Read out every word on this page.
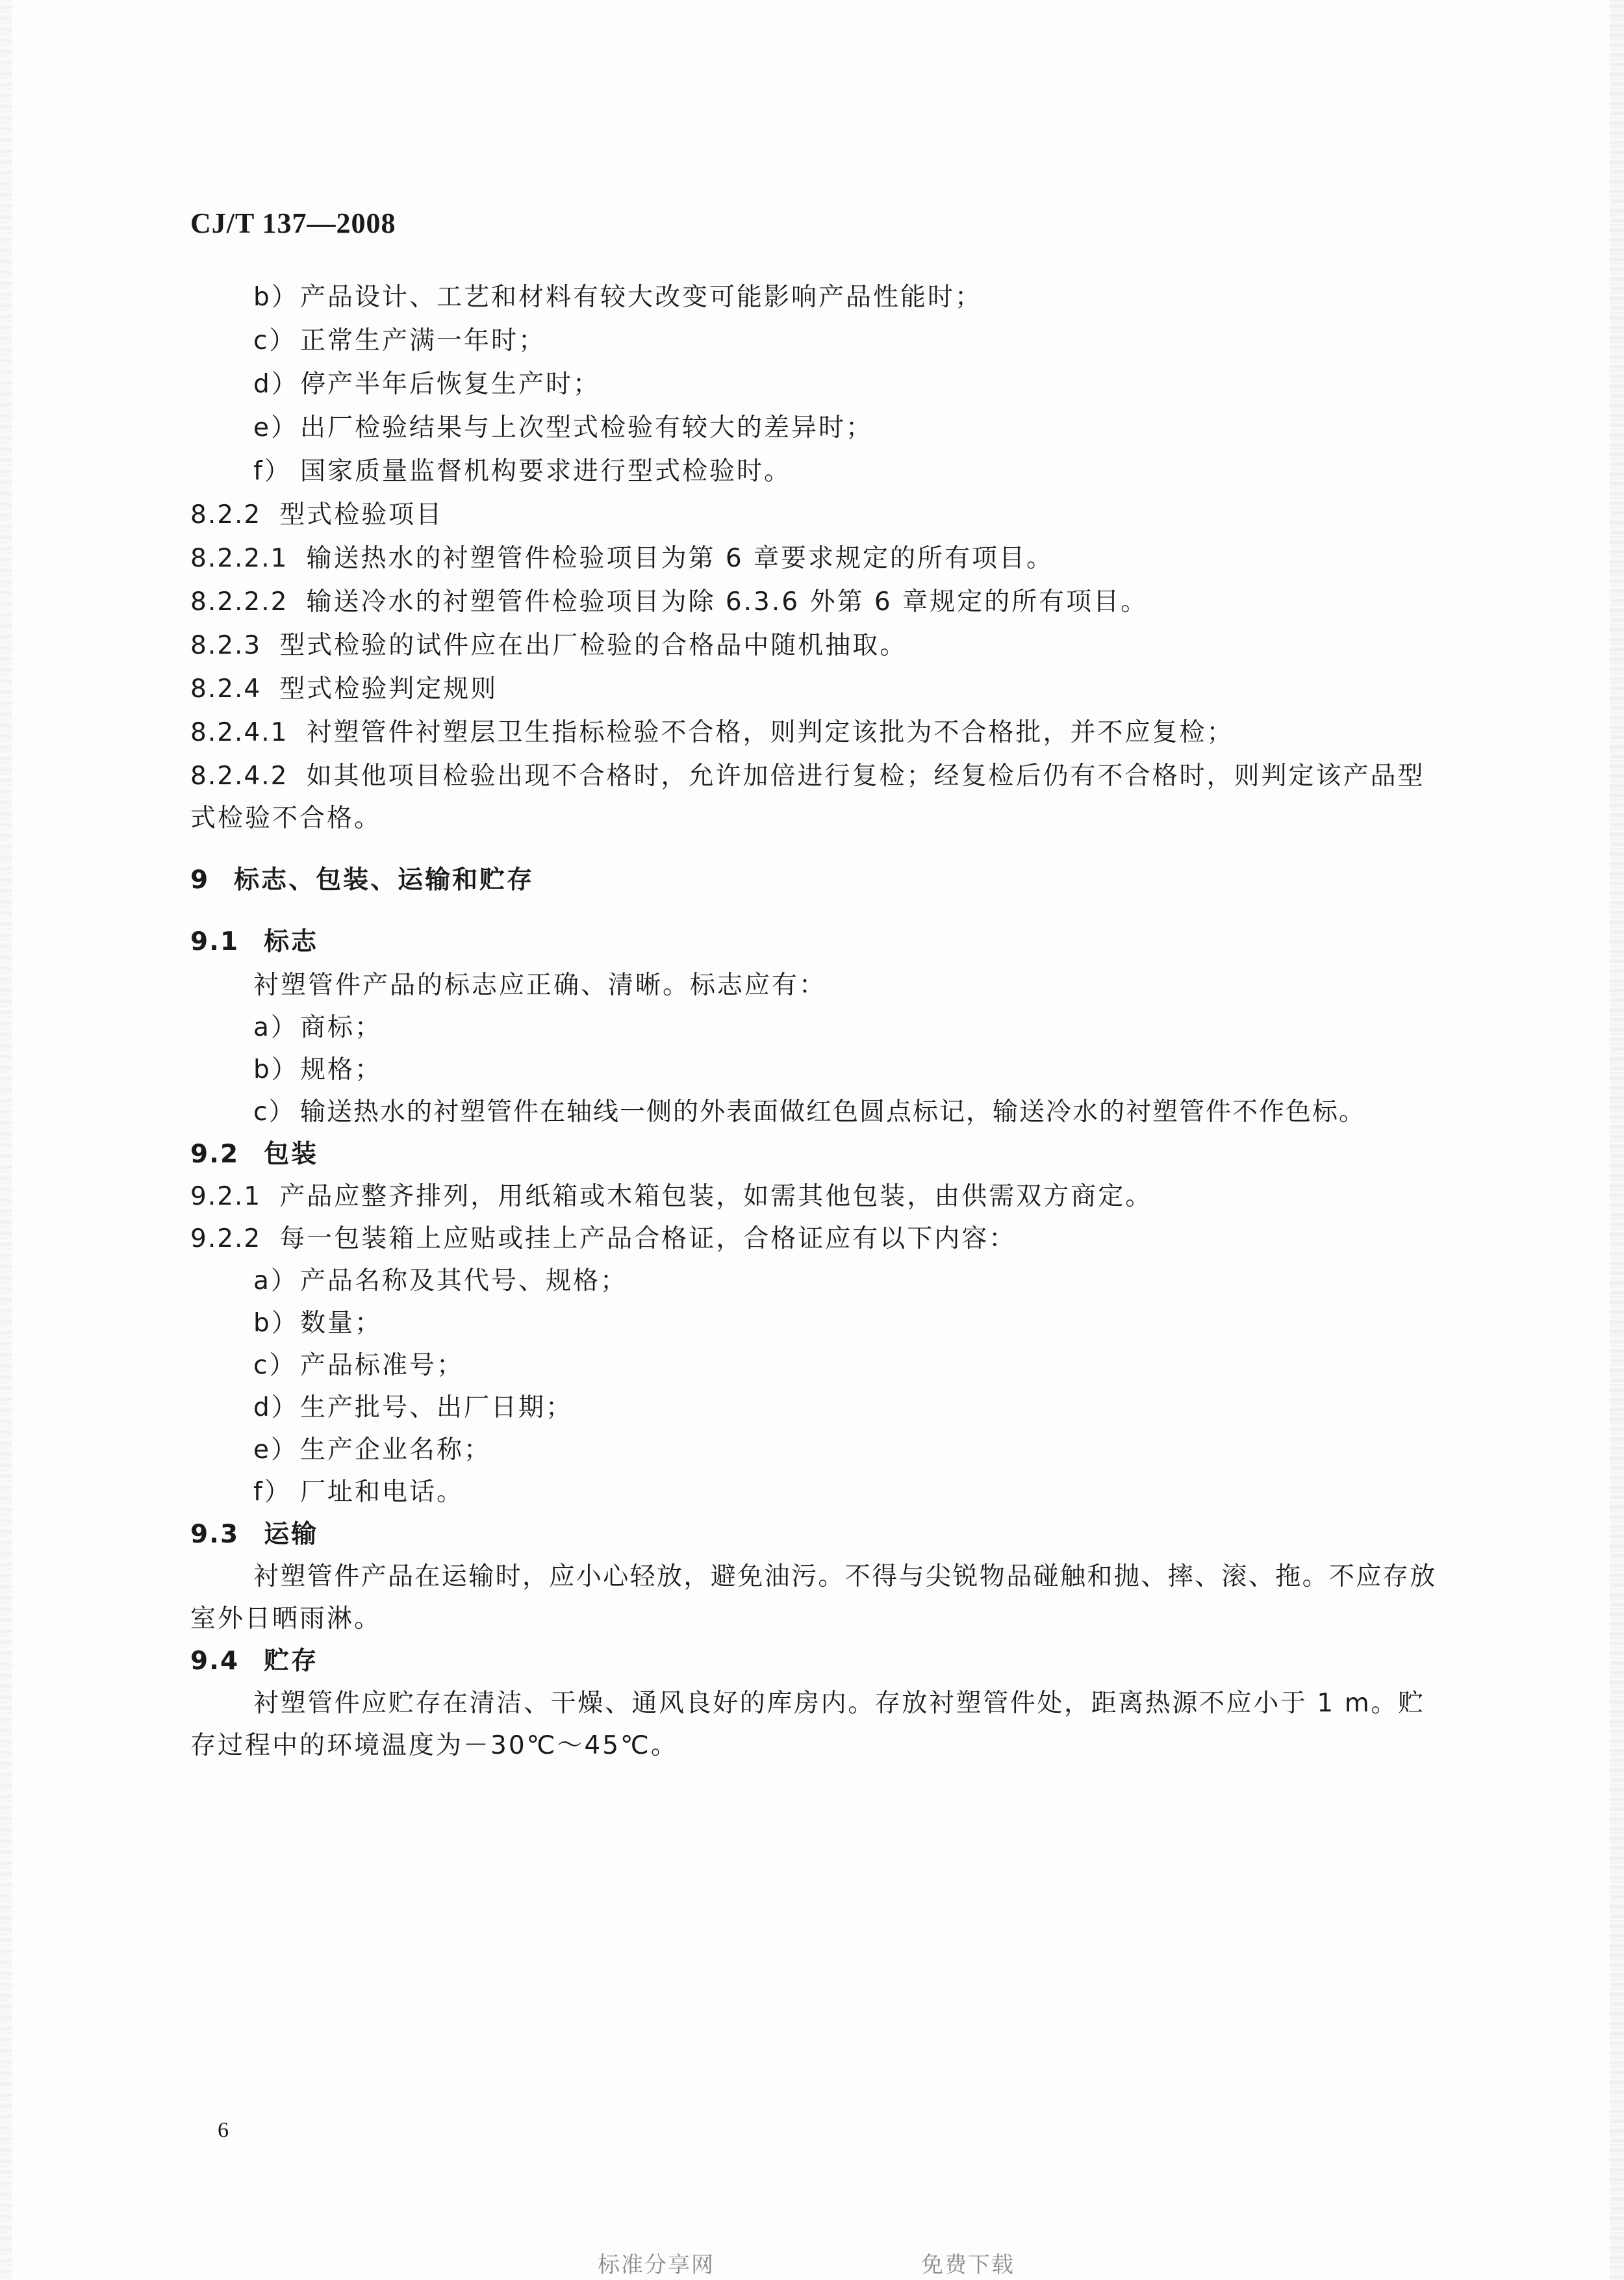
CJ/T 137—2008
b）产品设计、工艺和材料有较大改变可能影响产品性能时；
c） 正常生产满一年时；
d）停产半年后恢复生产时；
e）出厂检验结果与上次型式检验有较大的差异时；
f） 国家质量监督机构要求进行型式检验时。
8.2.2 型式检验项目
8.2.2.1 输送热水的衬塑管件检验项目为第 6 章要求规定的所有项目。
8.2.2.2 输送冷水的衬塑管件检验项目为除 6.3.6 外第 6 章规定的所有项目。
8.2.3 型式检验的试件应在出厂检验的合格品中随机抽取。
8.2.4 型式检验判定规则
8.2.4.1 衬塑管件衬塑层卫生指标检验不合格，则判定该批为不合格批，并不应复检；
8.2.4.2 如其他项目检验出现不合格时，允许加倍进行复检；经复检后仍有不合格时，则判定该产品型
式检验不合格。
9 标志、包装、运输和贮存
9.1 标志
衬塑管件产品的标志应正确、清晰。标志应有：
a）商标；
b）规格；
c） 输送热水的衬塑管件在轴线一侧的外表面做红色圆点标记，输送冷水的衬塑管件不作色标。
9.2 包装
9.2.1 产品应整齐排列，用纸箱或木箱包装，如需其他包装，由供需双方商定。
9.2.2 每一包装箱上应贴或挂上产品合格证，合格证应有以下内容：
a）产品名称及其代号、规格；
b）数量；
c） 产品标准号；
d）生产批号、出厂日期；
e）生产企业名称；
f） 厂址和电话。
9.3 运输
衬塑管件产品在运输时，应小心轻放，避免油污。不得与尖锐物品碰触和抛、摔、滚、拖。不应存放
室外日晒雨淋。
9.4 贮存
衬塑管件应贮存在清洁、干燥、通风良好的库房内。存放衬塑管件处，距离热源不应小于 1 m。贮
存过程中的环境温度为－30℃～45℃。
6
标准分享网	免费下载
